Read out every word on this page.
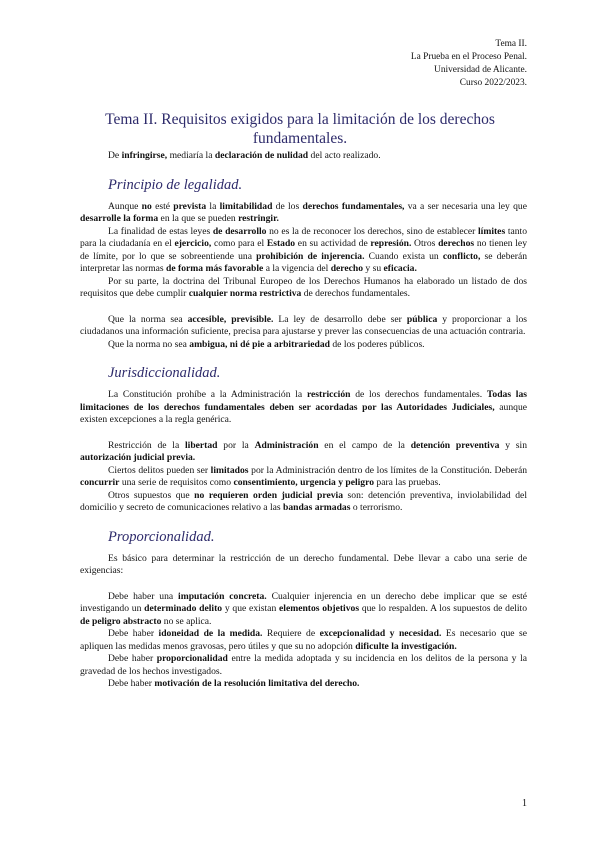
Tema II.
La Prueba en el Proceso Penal.
Universidad de Alicante.
Curso 2022/2023.
Tema II. Requisitos exigidos para la limitación de los derechos fundamentales.

De infringirse, mediaría la declaración de nulidad del acto realizado.

Principio de legalidad.

Aunque no esté prevista la limitabilidad de los derechos fundamentales, va a ser necesaria una ley que desarrolle la forma en la que se pueden restringir.

La finalidad de estas leyes de desarrollo no es la de reconocer los derechos, sino de establecer límites tanto para la ciudadanía en el ejercicio, como para el Estado en su actividad de represión. Otros derechos no tienen ley de límite, por lo que se sobreentiende una prohibición de injerencia. Cuando exista un conflicto, se deberán interpretar las normas de forma más favorable a la vigencia del derecho y su eficacia.

Por su parte, la doctrina del Tribunal Europeo de los Derechos Humanos ha elaborado un listado de dos requisitos que debe cumplir cualquier norma restrictiva de derechos fundamentales.

Que la norma sea accesible, previsible. La ley de desarrollo debe ser pública y proporcionar a los ciudadanos una información suficiente, precisa para ajustarse y prever las consecuencias de una actuación contraria.

Que la norma no sea ambigua, ni dé pie a arbitrariedad de los poderes públicos.

Jurisdiccionalidad.

La Constitución prohíbe a la Administración la restricción de los derechos fundamentales. Todas las limitaciones de los derechos fundamentales deben ser acordadas por las Autoridades Judiciales, aunque existen excepciones a la regla genérica.

Restricción de la libertad por la Administración en el campo de la detención preventiva y sin autorización judicial previa.

Ciertos delitos pueden ser limitados por la Administración dentro de los límites de la Constitución. Deberán concurrir una serie de requisitos como consentimiento, urgencia y peligro para las pruebas.

Otros supuestos que no requieren orden judicial previa son: detención preventiva, inviolabilidad del domicilio y secreto de comunicaciones relativo a las bandas armadas o terrorismo.

Proporcionalidad.

Es básico para determinar la restricción de un derecho fundamental. Debe llevar a cabo una serie de exigencias:

Debe haber una imputación concreta. Cualquier injerencia en un derecho debe implicar que se esté investigando un determinado delito y que existan elementos objetivos que lo respalden. A los supuestos de delito de peligro abstracto no se aplica.

Debe haber idoneidad de la medida. Requiere de excepcionalidad y necesidad. Es necesario que se apliquen las medidas menos gravosas, pero útiles y que su no adopción dificulte la investigación.

Debe haber proporcionalidad entre la medida adoptada y su incidencia en los delitos de la persona y la gravedad de los hechos investigados.

Debe haber motivación de la resolución limitativa del derecho.

1
